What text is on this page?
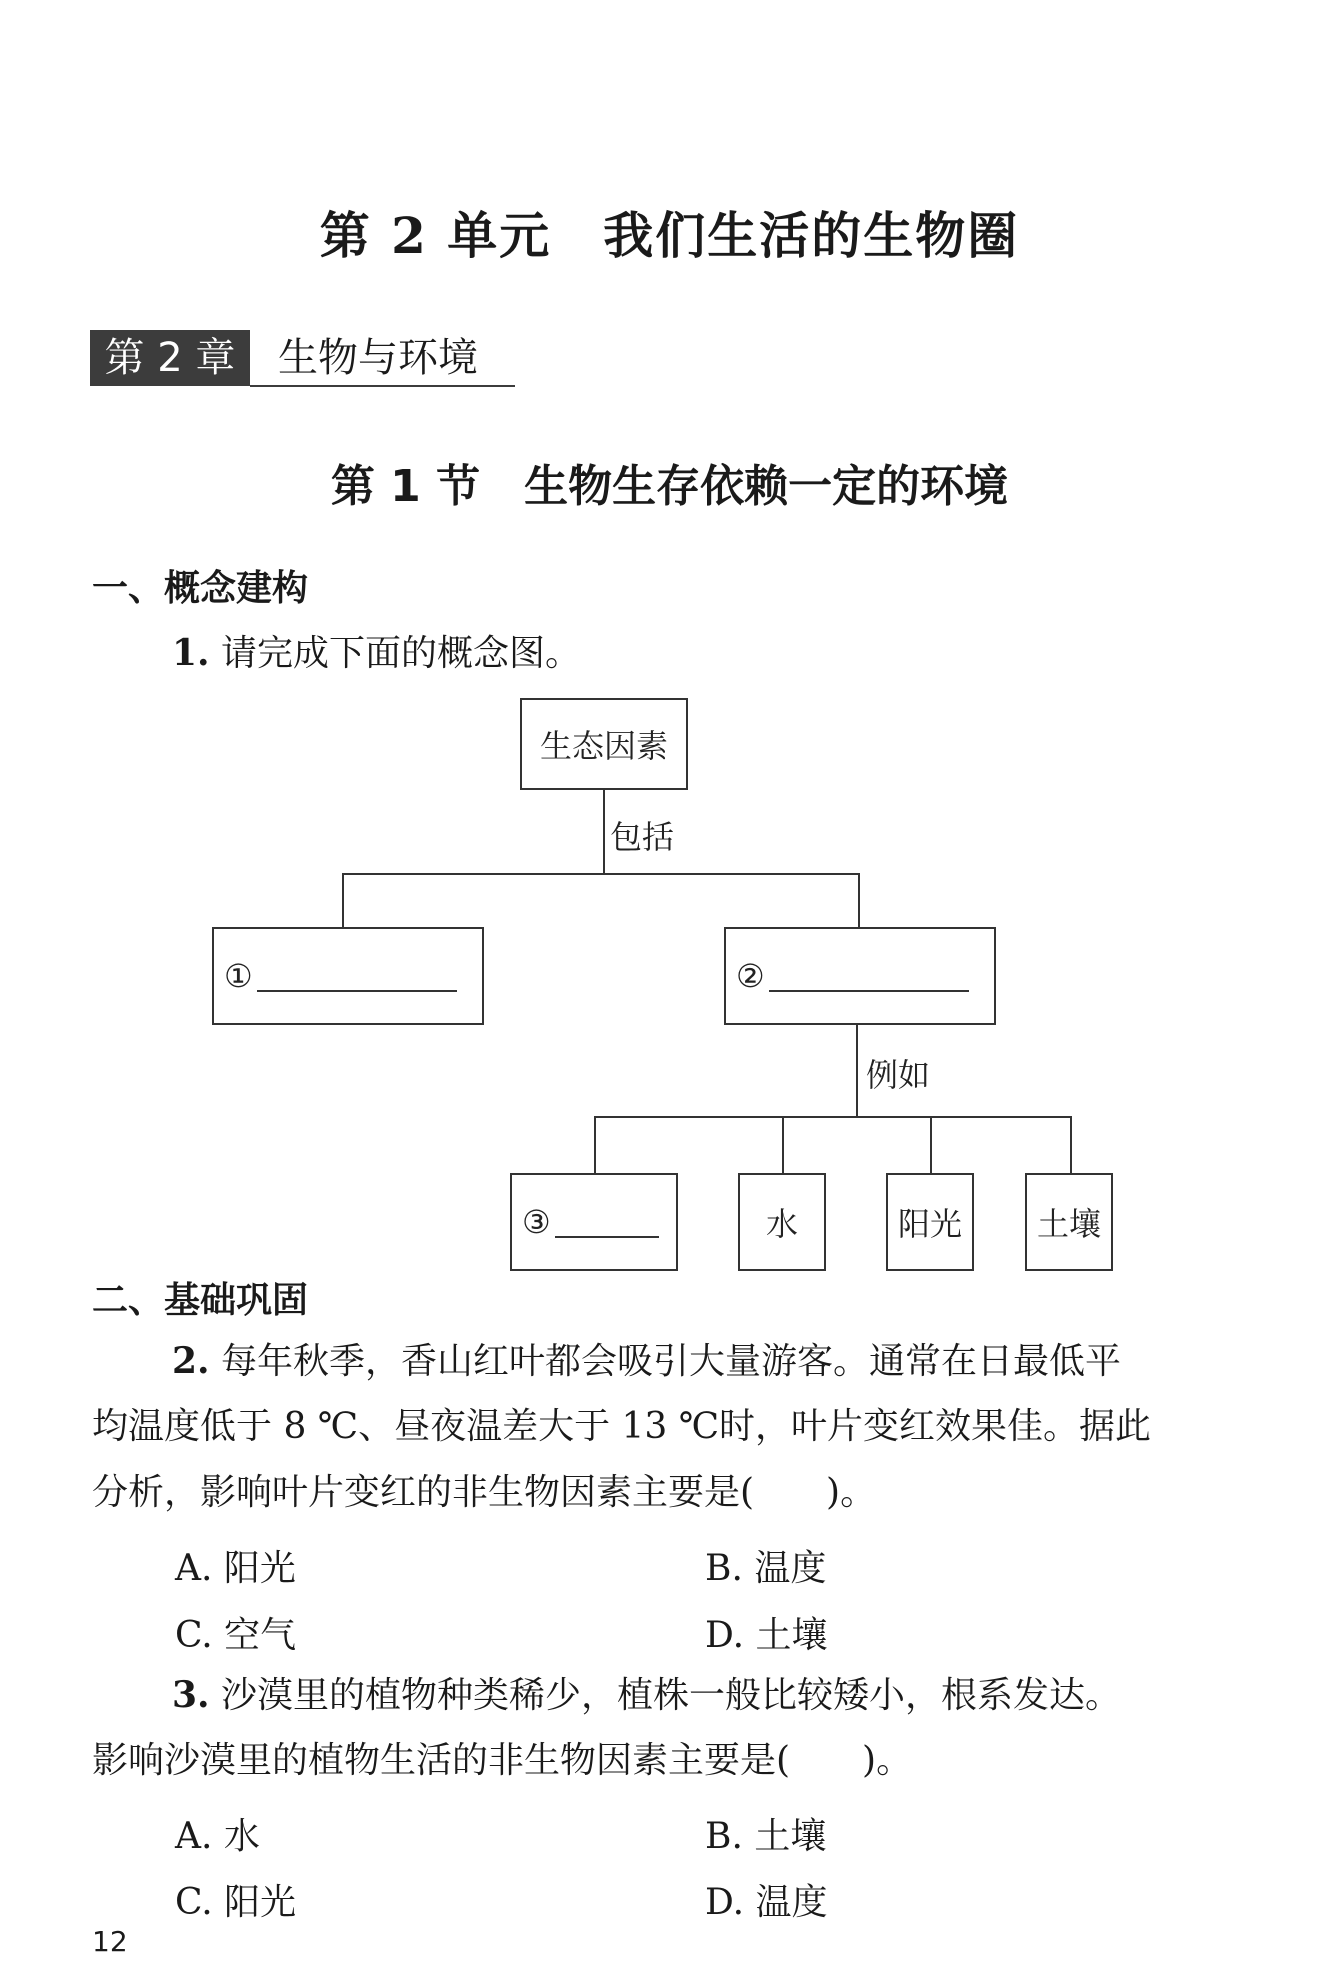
第 2 单元　我们生活的生物圈
第 2 章	生物与环境
第 1 节　生物生存依赖一定的环境
一、概念建构
1. 请完成下面的概念图。
生态因素
包括
①	②
例如
③	水	阳光	土壤
二、基础巩固
2. 每年秋季，香山红叶都会吸引大量游客。通常在日最低平
均温度低于 8 ℃、昼夜温差大于 13 ℃时，叶片变红效果佳。据此
分析，影响叶片变红的非生物因素主要是(　　)。
A. 阳光	B. 温度
C. 空气	D. 土壤
3. 沙漠里的植物种类稀少，植株一般比较矮小，根系发达。
影响沙漠里的植物生活的非生物因素主要是(　　)。
A. 水	B. 土壤
C. 阳光	D. 温度
12
